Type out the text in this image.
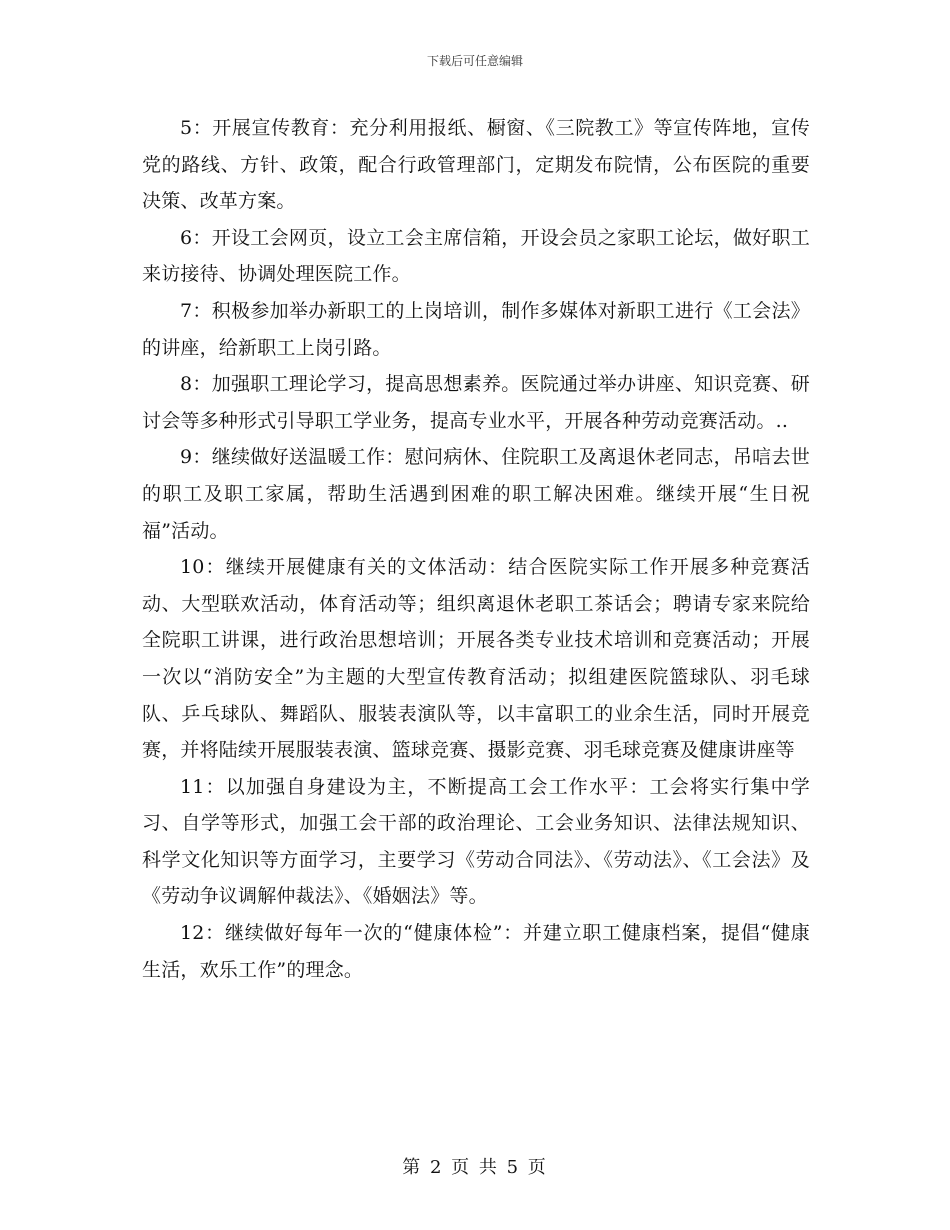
下载后可任意编辑

5：开展宣传教育：充分利用报纸、橱窗、《三院教工》等宣传阵地，宣传党的路线、方针、政策，配合行政管理部门，定期发布院情，公布医院的重要决策、改革方案。

6：开设工会网页，设立工会主席信箱，开设会员之家职工论坛，做好职工来访接待、协调处理医院工作。

7：积极参加举办新职工的上岗培训，制作多媒体对新职工进行《工会法》的讲座，给新职工上岗引路。

8：加强职工理论学习，提高思想素养。医院通过举办讲座、知识竞赛、研讨会等多种形式引导职工学业务，提高专业水平，开展各种劳动竞赛活动。..

9：继续做好送温暖工作：慰问病休、住院职工及离退休老同志，吊唁去世的职工及职工家属，帮助生活遇到困难的职工解决困难。继续开展“生日祝福”活动。

10：继续开展健康有关的文体活动：结合医院实际工作开展多种竞赛活动、大型联欢活动，体育活动等；组织离退休老职工茶话会；聘请专家来院给全院职工讲课，进行政治思想培训；开展各类专业技术培训和竞赛活动；开展一次以“消防安全”为主题的大型宣传教育活动；拟组建医院篮球队、羽毛球队、乒乓球队、舞蹈队、服装表演队等，以丰富职工的业余生活，同时开展竞赛，并将陆续开展服装表演、篮球竞赛、摄影竞赛、羽毛球竞赛及健康讲座等

11：以加强自身建设为主，不断提高工会工作水平：工会将实行集中学习、自学等形式，加强工会干部的政治理论、工会业务知识、法律法规知识、科学文化知识等方面学习，主要学习《劳动合同法》、《劳动法》、《工会法》及《劳动争议调解仲裁法》、《婚姻法》等。

12：继续做好每年一次的“健康体检”：并建立职工健康档案，提倡“健康生活，欢乐工作”的理念。

第 2 页 共 5 页
